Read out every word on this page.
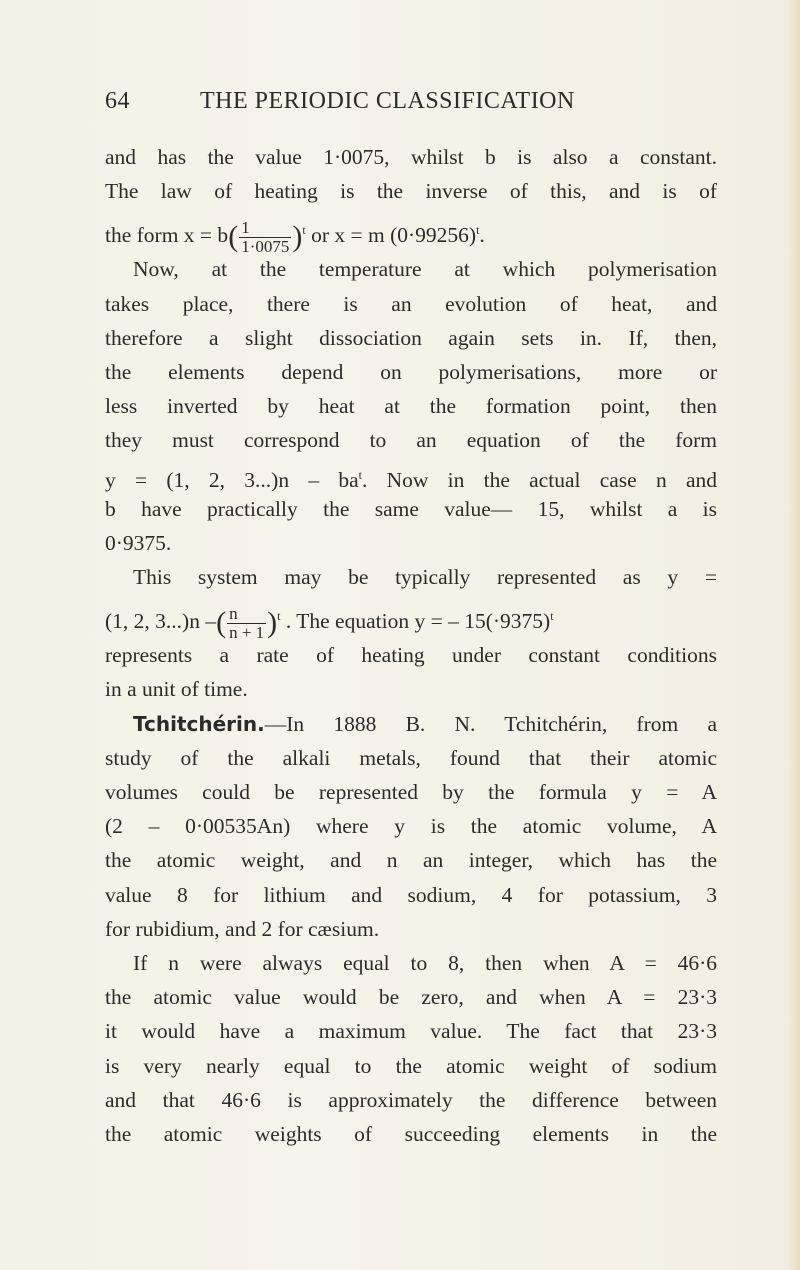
64	THE PERIODIC CLASSIFICATION
and has the value 1·0075, whilst b is also a constant.
The law of heating is the inverse of this, and is of
the form $x = b( \frac{1}{1\cdot 0075} )^t$ or x = m $(0\cdot 99256)^t$.
Now, at the temperature at which polymerisation
takes place, there is an evolution of heat, and
therefore a slight dissociation again sets in. If, then,
the elements depend on polymerisations, more or
less inverted by heat at the formation point, then
they must correspond to an equation of the form
y = (1, 2, $3...)n - ba^t$. Now in the actual case n and
b have practically the same value— 15, whilst a is
0·9375.
This system may be typically represented as y =
(1, 2, 3...)n –( $\frac{n}{n + 1} )^t$ . The equation y = – $15(\cdot 9375)^t$
represents a rate of heating under constant conditions
in a unit of time.
Tchitchérin.—In 1888 B. N. Tchitchérin, from a
study of the alkali metals, found that their atomic
volumes could be represented by the formula y = A
(2 – 0·00535An) where y is the atomic volume, A
the atomic weight, and n an integer, which has the
value 8 for lithium and sodium, 4 for potassium, 3
for rubidium, and 2 for cæsium.
If n were always equal to 8, then when A = 46·6
the atomic value would be zero, and when A = 23·3
it would have a maximum value. The fact that 23·3
is very nearly equal to the atomic weight of sodium
and that 46·6 is approximately the difference between
the atomic weights of succeeding elements in the
